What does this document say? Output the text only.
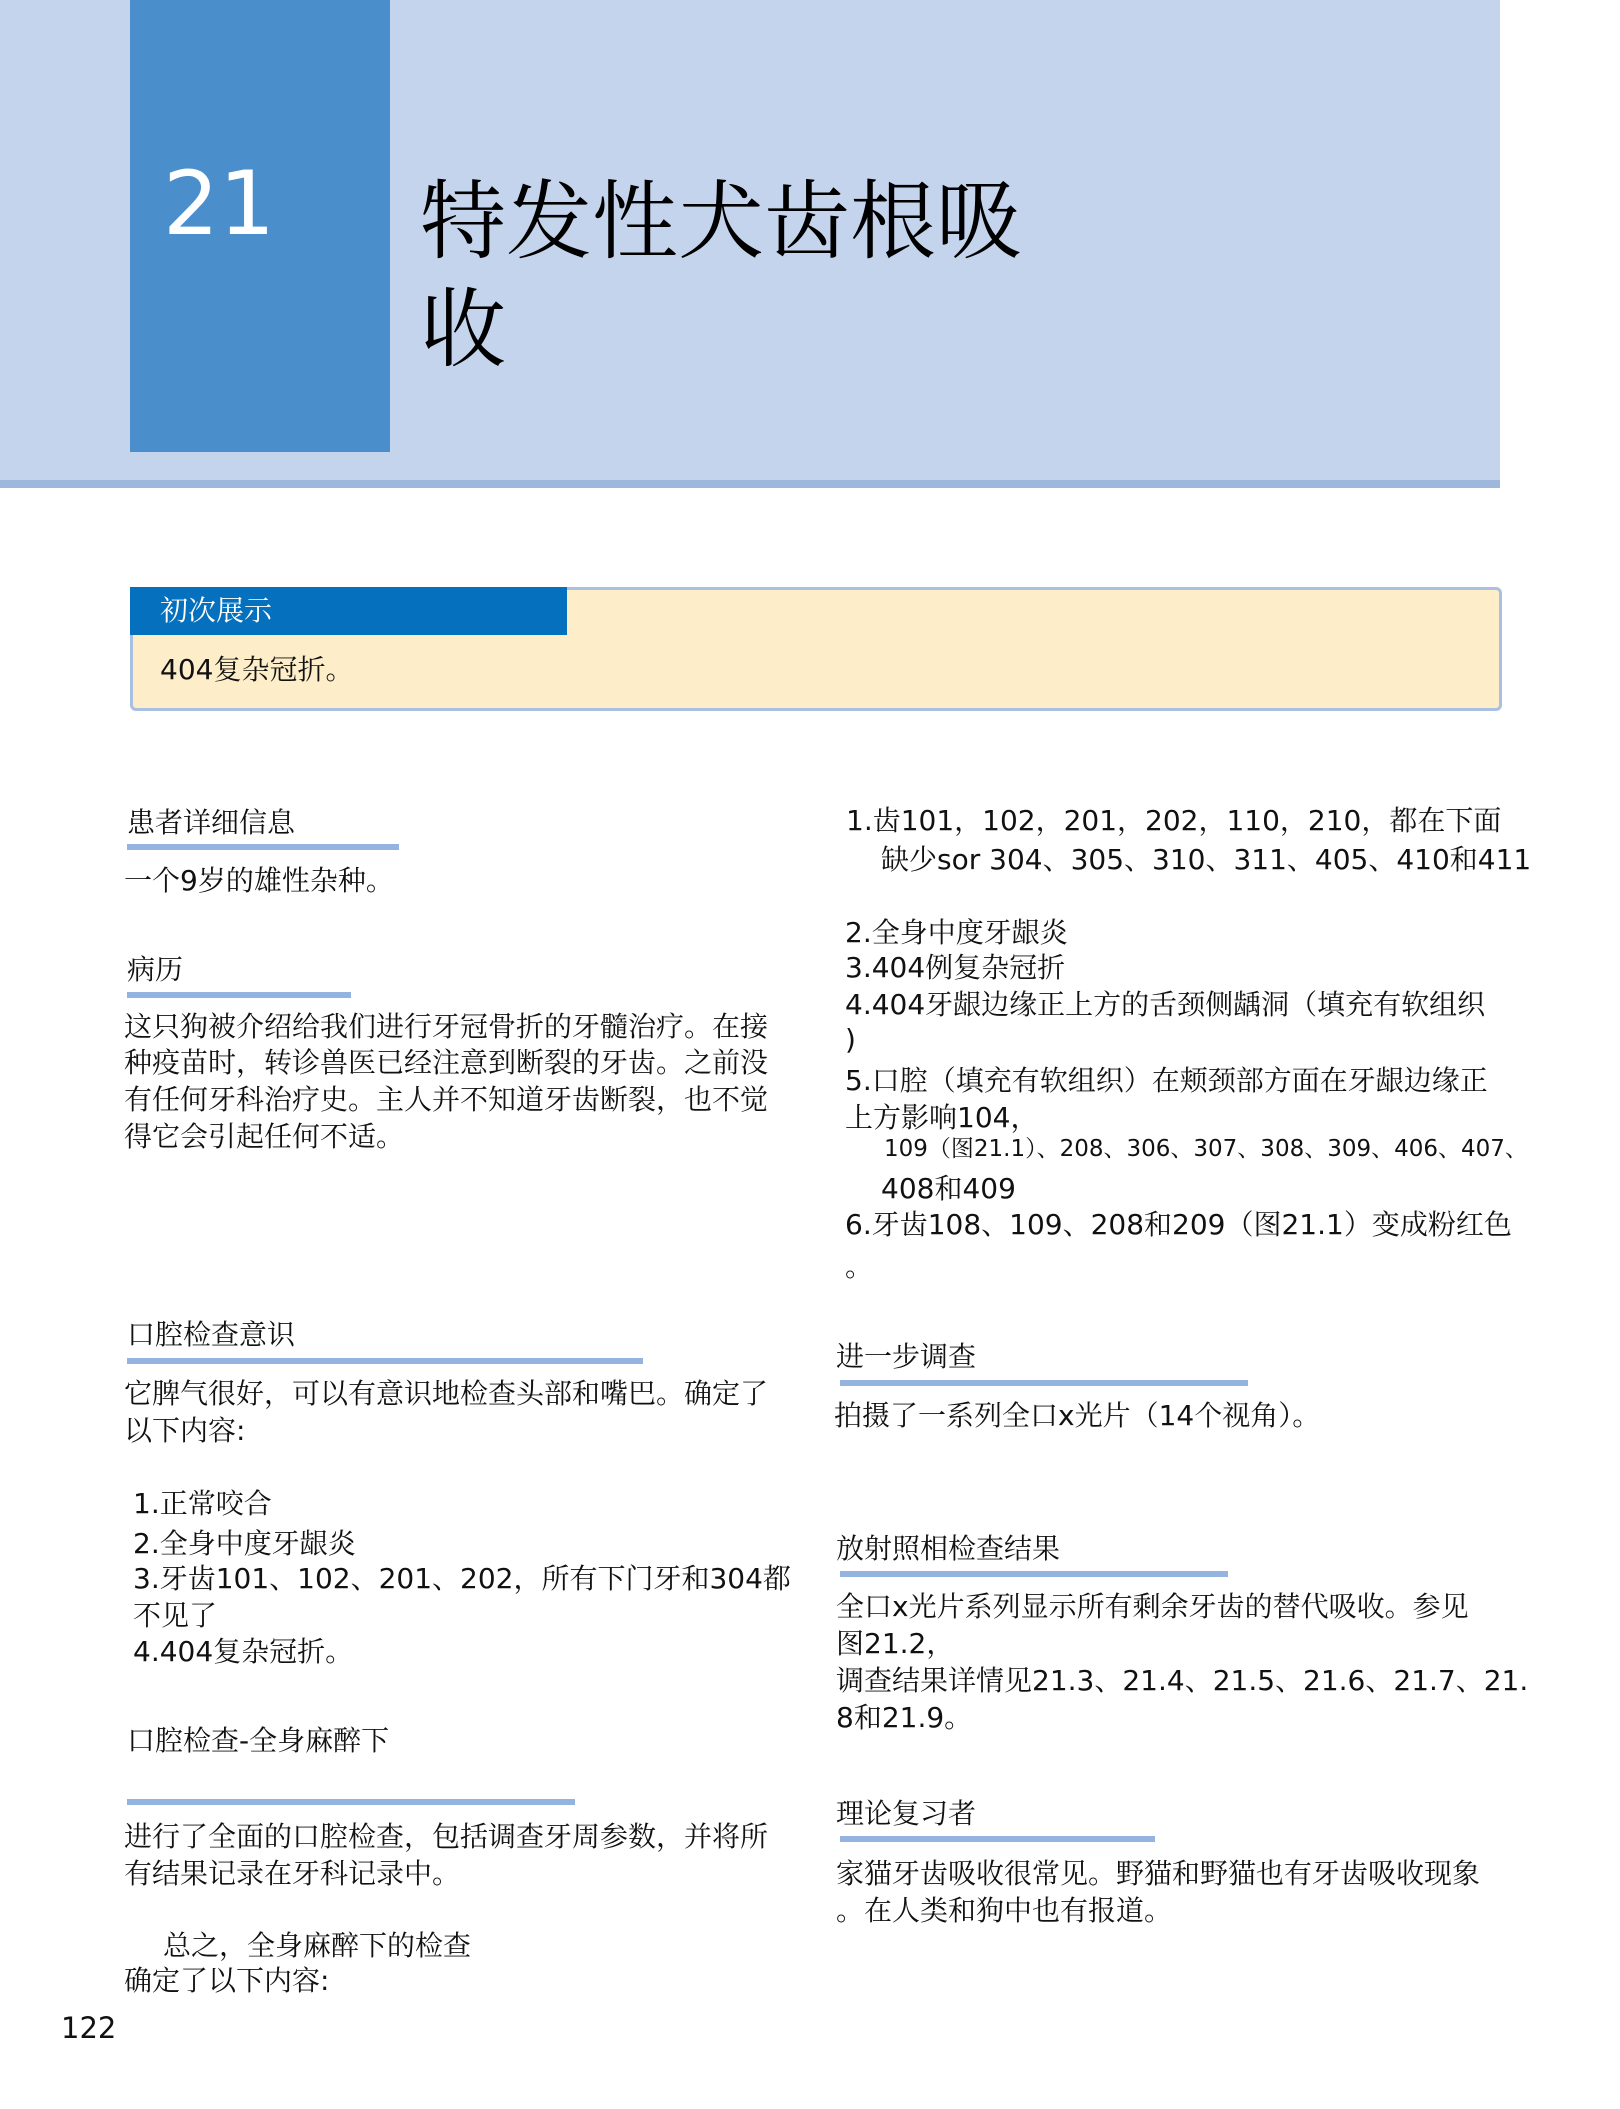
21 特发性犬齿根吸
收
初次展示
404复杂冠折。
患者详细信息
一个9岁的雄性杂种。
病历
这只狗被介绍给我们进行牙冠骨折的牙髓治疗。在接
种疫苗时，转诊兽医已经注意到断裂的牙齿。之前没
有任何牙科治疗史。主人并不知道牙齿断裂，也不觉
得它会引起任何不适。
口腔检查意识
它脾气很好，可以有意识地检查头部和嘴巴。确定了
以下内容:
1.正常咬合
2.全身中度牙龈炎
3.牙齿101、102、201、202，所有下门牙和304都
不见了
4.404复杂冠折。
口腔检查-全身麻醉下
进行了全面的口腔检查，包括调查牙周参数，并将所
有结果记录在牙科记录中。
总之，全身麻醉下的检查
确定了以下内容:
1.齿101，102，201，202，110，210，都在下面
缺少sor 304、305、310、311、405、410和411
2.全身中度牙龈炎
3.404例复杂冠折
4.404牙龈边缘正上方的舌颈侧龋洞（填充有软组织
)
5.口腔（填充有软组织）在颊颈部方面在牙龈边缘正
上方影响104，
109（图21.1）、208、306、307、308、309、406、407、
408和409
6.牙齿108、109、208和209（图21.1）变成粉红色
。
进一步调查
拍摄了一系列全口x光片（14个视角）。
放射照相检查结果
全口x光片系列显示所有剩余牙齿的替代吸收。参见
图21.2，
调查结果详情见21.3、21.4、21.5、21.6、21.7、21.
8和21.9。
理论复习者
家猫牙齿吸收很常见。野猫和野猫也有牙齿吸收现象
。在人类和狗中也有报道。
122
